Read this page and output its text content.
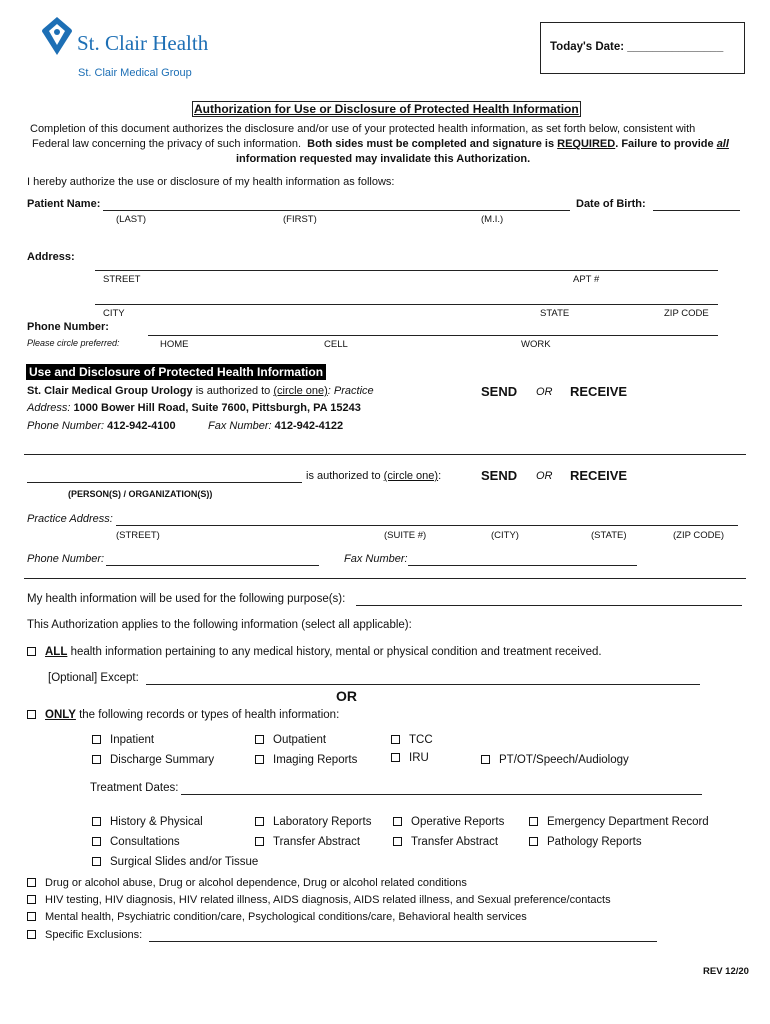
St. Clair Health
St. Clair Medical Group
Today's Date: _______________
Authorization for Use or Disclosure of Protected Health Information
Completion of this document authorizes the disclosure and/or use of your protected health information, as set forth below, consistent with
Federal law concerning the privacy of such information. Both sides must be completed and signature is REQUIRED. Failure to provide all
information requested may invalidate this Authorization.
I hereby authorize the use or disclosure of my health information as follows:
Patient Name:	Date of Birth:
(LAST)	(FIRST)	(M.I.)
Address:
STREET	APT #
CITY	STATE	ZIP CODE
Phone Number:
Please circle preferred:	HOME	CELL	WORK
Use and Disclosure of Protected Health Information
St. Clair Medical Group Urology is authorized to (circle one): Practice
Address: 1000 Bower Hill Road, Suite 7600, Pittsburgh, PA 15243
Phone Number: 412-942-4100	Fax Number: 412-942-4122
SEND OR RECEIVE
is authorized to (circle one):	SEND OR RECEIVE
(PERSON(S) / ORGANIZATION(S))
Practice Address:
(STREET)	(SUITE #)	(CITY)	(STATE)	(ZIP CODE)
Phone Number:	Fax Number:
My health information will be used for the following purpose(s):
This Authorization applies to the following information (select all applicable):
ALL health information pertaining to any medical history, mental or physical condition and treatment received.
[Optional] Except:
OR
ONLY the following records or types of health information:
Inpatient	Outpatient	TCC
Discharge Summary	Imaging Reports	IRU	PT/OT/Speech/Audiology
Treatment Dates:
History & Physical	Laboratory Reports	Operative Reports	Emergency Department Record
Consultations	Transfer Abstract	Transfer Abstract	Pathology Reports
Surgical Slides and/or Tissue
Drug or alcohol abuse, Drug or alcohol dependence, Drug or alcohol related conditions
HIV testing, HIV diagnosis, HIV related illness, AIDS diagnosis, AIDS related illness, and Sexual preference/contacts
Mental health, Psychiatric condition/care, Psychological conditions/care, Behavioral health services
Specific Exclusions:
REV 12/20
